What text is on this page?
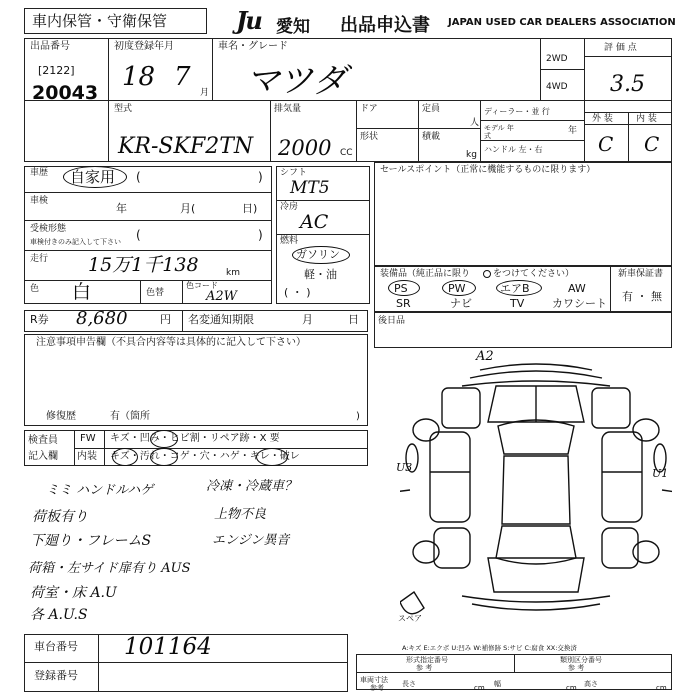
車内保管・守衛保管	Ju 愛知 出品申込書 JAPAN USED CAR DEALERS ASSOCIATION
出品番号
[2122]
20043
初度登録年月
18 7
月
車名・グレード
マツダ
2WD
4WD
評 価 点
3.5
型式
KR-SKF2TN
排気量
2000 CC
ドア
形状
定員
人
積載
kg
ディーラー・並 行
モデル 年式	年
ハンドル 左・右
外 装	内 装
C C
車歴 自家用 (	)
車検
年	月(	日)
受検形態
車検付きのみ記入して下さい (	)
走行 15万1千138	km
色 白	色替
色コード
A2W
シフト
MT5
冷房
AC
燃料
ガソリン
軽・油
( ・ )
セールスポイント（正常に機能するものに限ります）
装備品（純正品に限り	をつけてください）	新車保証書
有 ・ 無
PS	PW	エアB	AW
SR	ナビ	TV	カワシート
R券 8,680	円 名変通知期限	月	日 後日品
注意事項申告欄（不具合内容等は具体的に記入して下さい）
修復歴	有（箇所	)
検査員
記入欄
FW キズ・凹み・ヒビ割・リペア跡・X 要
内装 キズ・汚れ・コゲ・穴・ハゲ・キレ・破レ
ミミ ハンドルハゲ	冷凍・冷蔵車？
荷板有り	上物不良
下廻り・フレームS	エンジン異音
荷箱・左サイド扉有り AUS
荷室・床 A.U
各 A.U.S
A2
U3	U1
スペア
A:キズ E:エクボ U:凹み W:補修跡 S:サビ C:腐食 XX:交換済
形式指定番号
参 考
類別区分番号
参 考
車両寸法
参考	長さ	cm 幅	cm 高さ	cm
車台番号 101164
登録番号
